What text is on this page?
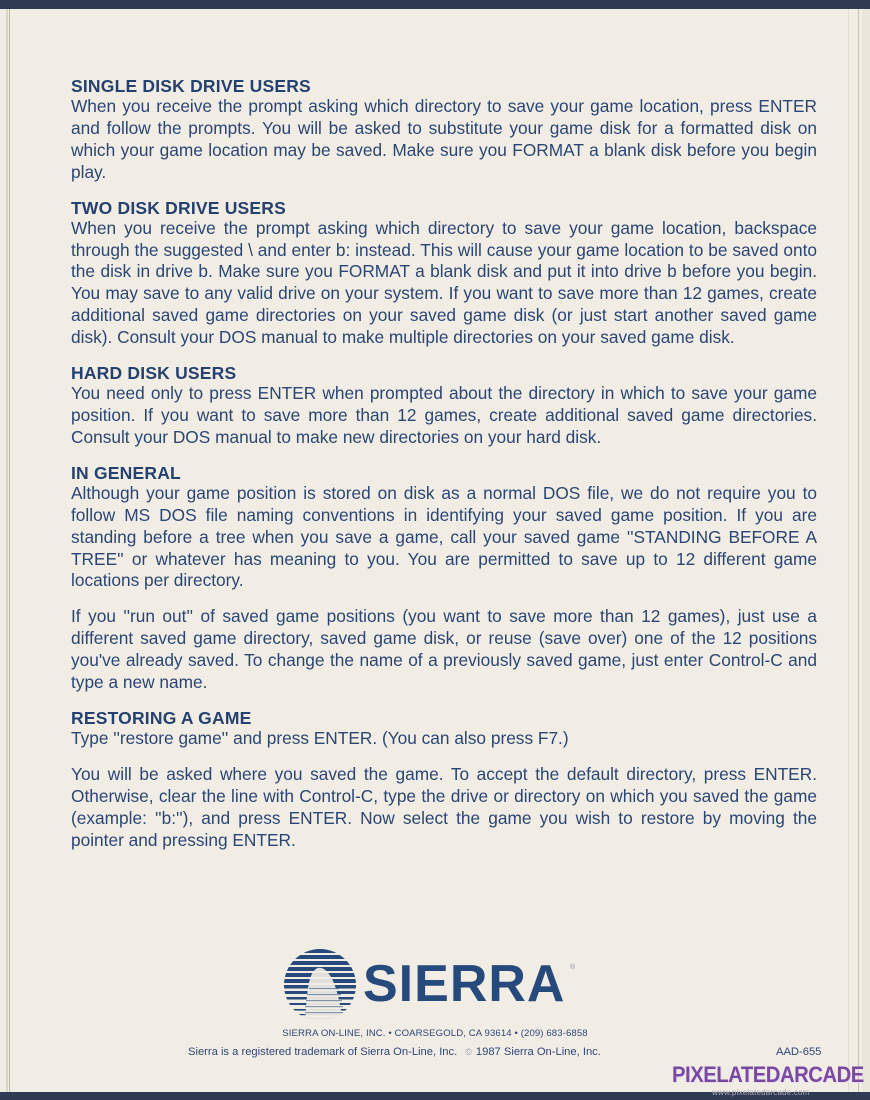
SINGLE DISK DRIVE USERS
When you receive the prompt asking which directory to save your game location, press ENTER and follow the prompts. You will be asked to substitute your game disk for a formatted disk on which your game location may be saved. Make sure you FORMAT a blank disk before you begin play.
TWO DISK DRIVE USERS
When you receive the prompt asking which directory to save your game location, backspace through the suggested \ and enter b: instead. This will cause your game location to be saved onto the disk in drive b. Make sure you FORMAT a blank disk and put it into drive b before you begin. You may save to any valid drive on your system. If you want to save more than 12 games, create additional saved game directories on your saved game disk (or just start another saved game disk). Consult your DOS manual to make multiple directories on your saved game disk.
HARD DISK USERS
You need only to press ENTER when prompted about the directory in which to save your game position. If you want to save more than 12 games, create additional saved game directories. Consult your DOS manual to make new directories on your hard disk.
IN GENERAL
Although your game position is stored on disk as a normal DOS file, we do not require you to follow MS DOS file naming conventions in identifying your saved game position. If you are standing before a tree when you save a game, call your saved game ''STANDING BEFORE A TREE'' or whatever has meaning to you. You are permitted to save up to 12 different game locations per directory.
If you ''run out'' of saved game positions (you want to save more than 12 games), just use a different saved game directory, saved game disk, or reuse (save over) one of the 12 positions you've already saved. To change the name of a previously saved game, just enter Control-C and type a new name.
RESTORING A GAME
Type ''restore game'' and press ENTER. (You can also press F7.)
You will be asked where you saved the game. To accept the default directory, press ENTER. Otherwise, clear the line with Control-C, type the drive or directory on which you saved the game (example: ''b:''), and press ENTER. Now select the game you wish to restore by moving the pointer and pressing ENTER.
SIERRA ®
SIERRA ON-LINE, INC. • COARSEGOLD, CA 93614 • (209) 683-6858
Sierra is a registered trademark of Sierra On-Line, Inc. © 1987 Sierra On-Line, Inc.	AAD-655
PIXELATEDARCADE
www.pixelatedarcade.com
